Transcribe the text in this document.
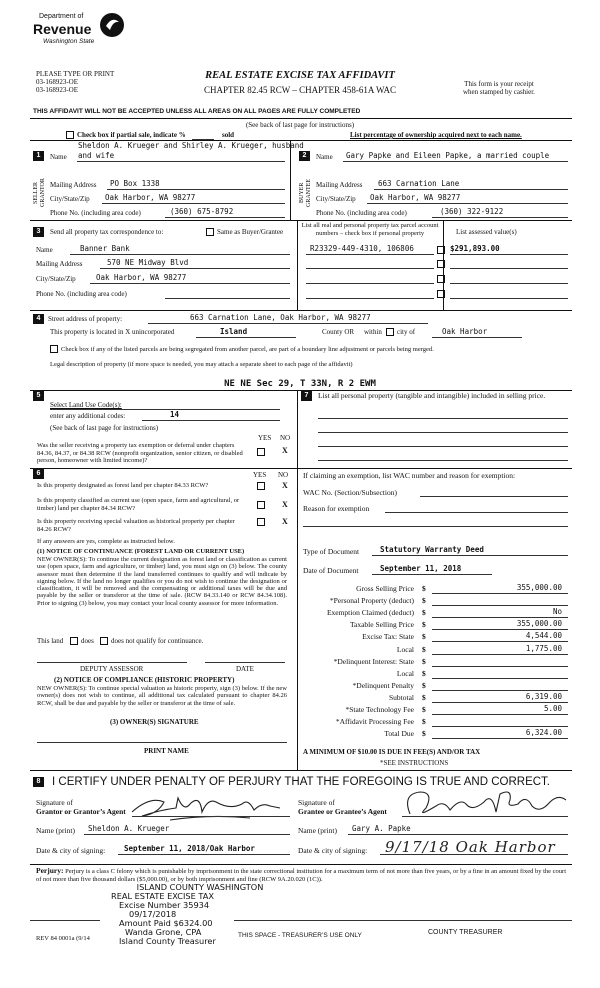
Department of
Revenue
Washington State
PLEASE TYPE OR PRINT
03-168923-OE
03-168923-OE
REAL ESTATE EXCISE TAX AFFIDAVIT
CHAPTER 82.45 RCW – CHAPTER 458-61A WAC
This form is your receipt
when stamped by cashier.
THIS AFFIDAVIT WILL NOT BE ACCEPTED UNLESS ALL AREAS ON ALL PAGES ARE FULLY COMPLETED
(See back of last page for instructions)
Check box if partial sale, indicate %	sold	List percentage of ownership acquired next to each name.
1
SELLER GRANTOR
Name
Sheldon A. Krueger and Shirley A. Krueger, husband
and wife
Mailing Address PO Box 1338
City/State/Zip Oak Harbor, WA 98277
Phone No. (including area code)	(360) 675-8792
2
BUYER GRANTEE
Name Gary Papke and Eileen Papke, a married couple
Mailing Address 663 Carnation Lane
City/State/Zip Oak Harbor, WA 98277
Phone No. (including area code)	(360) 322-9122
3	Send all property tax correspondence to:	Same as Buyer/Grantee
Name	Banner Bank
Mailing Address	570 NE Midway Blvd
City/State/Zip	Oak Harbor, WA 98277
Phone No. (including area code)
List all real and personal property tax parcel account
numbers – check box if personal property	List assessed value(s)
R23329-449-4310, 106806	$291,893.00
4	Street address of property:	663 Carnation Lane, Oak Harbor, WA 98277
This property is located in X unincorporated	Island	County OR within city of	Oak Harbor
Check box if any of the listed parcels are being segregated from another parcel, are part of a boundary line adjustment or parcels being merged.
Legal description of property (if more space is needed, you may attach a separate sheet to each page of the affidavit)
NE NE Sec 29, T 33N, R 2 EWM
5
Select Land Use Code(s):
enter any additional codes:	14
(See back of last page for instructions)
YES NO
Was the seller receiving a property tax exemption or deferral under chapters 84.36, 84.37, or 84.38 RCW (nonprofit organization, senior citizen, or disabled person, homeowner with limited income)?
X
7	List all personal property (tangible and intangible) included in selling price.
6	YES NO
Is this property designated as forest land per chapter 84.33 RCW?	X
Is this property classified as current use (open space, farm and agricultural, or timber) land per chapter 84.34 RCW?	X
Is this property receiving special valuation as historical property per chapter 84.26 RCW?
X
If any answers are yes, complete as instructed below.
(1) NOTICE OF CONTINUANCE (FOREST LAND OR CURRENT USE)
NEW OWNER(S): To continue the current designation as forest land or classification as current use (open space, farm and agriculture, or timber) land, you must sign on (3) below. The county assessor must then determine if the land transferred continues to qualify and will indicate by signing below. If the land no longer qualifies or you do not wish to continue the designation or classification, it will be removed and the compensating or additional taxes will be due and payable by the seller or transferor at the time of sale. (RCW 84.33.140 or RCW 84.34.108). Prior to signing (3) below, you may contact your local county assessor for more information.
This land	does does not qualify for continuance.
DEPUTY ASSESSOR	DATE
(2) NOTICE OF COMPLIANCE (HISTORIC PROPERTY)
NEW OWNER(S): To continue special valuation as historic property, sign (3) below. If the new owner(s) does not wish to continue, all additional tax calculated pursuant to chapter 84.26 RCW, shall be due and payable by the seller or transferor at the time of sale.
(3) OWNER(S) SIGNATURE
PRINT NAME
If claiming an exemption, list WAC number and reason for exemption:
WAC No. (Section/Subsection)
Reason for exemption
Type of Document	Statutory Warranty Deed
Date of Document	September 11, 2018
Gross Selling Price $	355,000.00
*Personal Property (deduct) $
Exemption Claimed (deduct) $	No
Taxable Selling Price $	355,000.00
Excise Tax: State $	4,544.00
Local $	1,775.00
*Delinquent Interest: State $
Local $
*Delinquent Penalty $
Subtotal $	6,319.00
*State Technology Fee $	5.00
*Affidavit Processing Fee $
Total Due $	6,324.00
A MINIMUM OF $10.00 IS DUE IN FEE(S) AND/OR TAX
*SEE INSTRUCTIONS
8	I CERTIFY UNDER PENALTY OF PERJURY THAT THE FOREGOING IS TRUE AND CORRECT.
Signature of
Grantor or Grantor’s Agent
Signature of
Grantee or Grantee’s Agent
Name (print) Sheldon A. Krueger	Name (print) Gary A. Papke
Date & city of signing:	September 11, 2018/Oak Harbor	Date & city of signing: 9/17/18 Oak Harbor
Perjury: Perjury is a class C felony which is punishable by imprisonment in the state correctional institution for a maximum term of not more than five years, or by a fine in an amount fixed by the court of not more than five thousand dollars ($5,000.00), or by both imprisonment and fine (RCW 9A.20.020 (1C)).
ISLAND COUNTY WASHINGTON
REAL ESTATE EXCISE TAX
Excise Number 35934
09/17/2018
Amount Paid $6324.00
Wanda Grone, CPA
Island County Treasurer
REV 84 0001a (9/14	THIS SPACE - TREASURER’S USE ONLY	COUNTY TREASURER
